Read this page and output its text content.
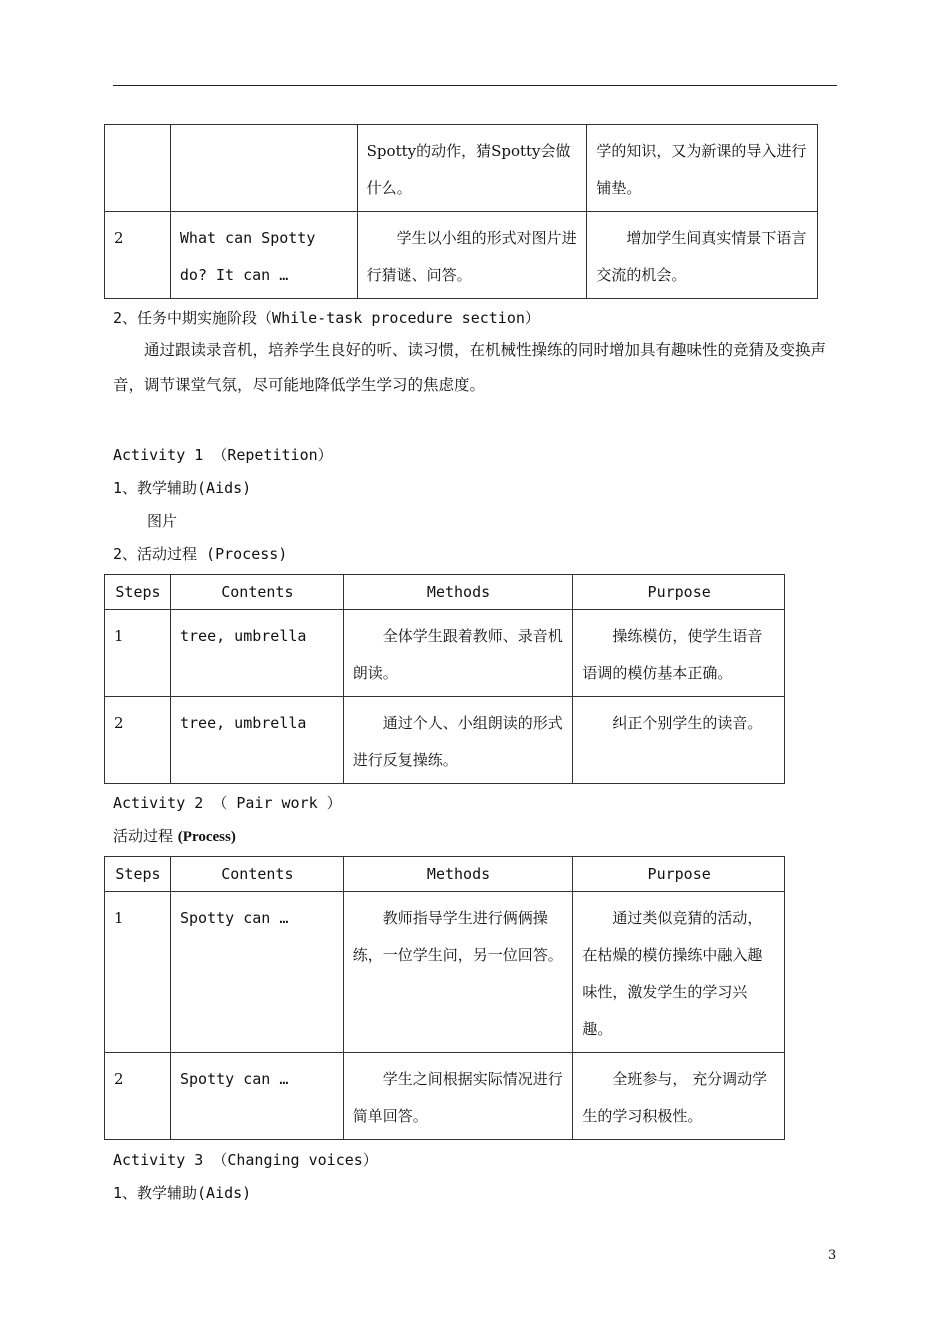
		Spotty的动作，猜Spotty会做什么。	学的知识，又为新课的导入进行铺垫。
2	What can Spotty do? It can …	学生以小组的形式对图片进行猜谜、问答。	增加学生间真实情景下语言交流的机会。
2、任务中期实施阶段（While-task procedure section）
通过跟读录音机，培养学生良好的听、读习惯，在机械性操练的同时增加具有趣味性的竞猜及变换声音，调节课堂气氛，尽可能地降低学生学习的焦虑度。
Activity 1 （Repetition）
1、教学辅助(Aids)
图片
2、活动过程 (Process)
Steps	Contents	Methods	Purpose
1	tree, umbrella	全体学生跟着教师、录音机朗读。	操练模仿，使学生语音语调的模仿基本正确。
2	tree, umbrella	通过个人、小组朗读的形式进行反复操练。	纠正个别学生的读音。
Activity 2 （ Pair work ）
活动过程 (Process)
Steps	Contents	Methods	Purpose
1	Spotty can …	教师指导学生进行俩俩操练，一位学生问，另一位回答。	通过类似竞猜的活动，在枯燥的模仿操练中融入趣味性，激发学生的学习兴趣。
2	Spotty can …	学生之间根据实际情况进行简单回答。	全班参与， 充分调动学生的学习积极性。
Activity 3 （Changing voices）
1、教学辅助(Aids)
3
